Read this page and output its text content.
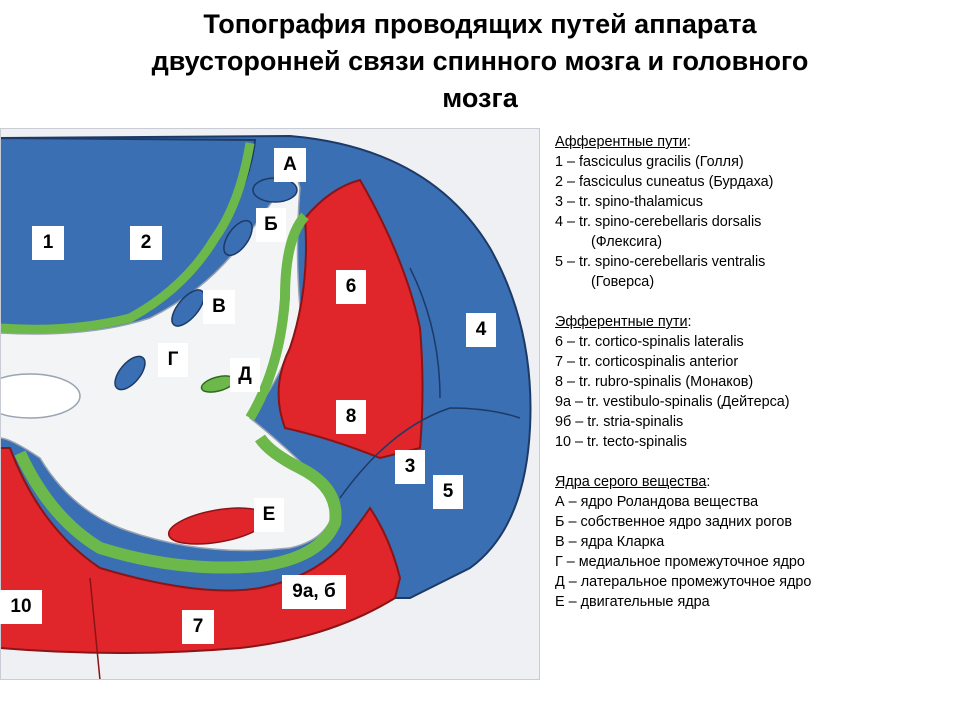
Топография проводящих путей аппарата
двусторонней связи спинного мозга и головного
мозга
А
Б
В
Г
Д
Е
1	2
3
4
5
6
7
8
9а, б
10
Афферентные пути:
1 – fasciculus gracilis (Голля)
2 – fasciculus cuneatus (Бурдаха)
3 – tr. spino-thalamicus
4 – tr. spino-cerebellaris dorsalis
(Флексига)
5 – tr. spino-cerebellaris ventralis
(Говерса)
Эфферентные пути:
6 – tr. cortico-spinalis lateralis
7 – tr. corticospinalis anterior
8 – tr. rubro-spinalis (Монаков)
9а – tr. vestibulo-spinalis (Дейтерса)
9б – tr. stria-spinalis
10 – tr. tecto-spinalis
Ядра серого вещества:
А – ядро Роландова вещества
Б – собственное ядро задних рогов
В – ядра Кларка
Г – медиальное промежуточное ядро
Д – латеральное промежуточное ядро
Е – двигательные ядра
